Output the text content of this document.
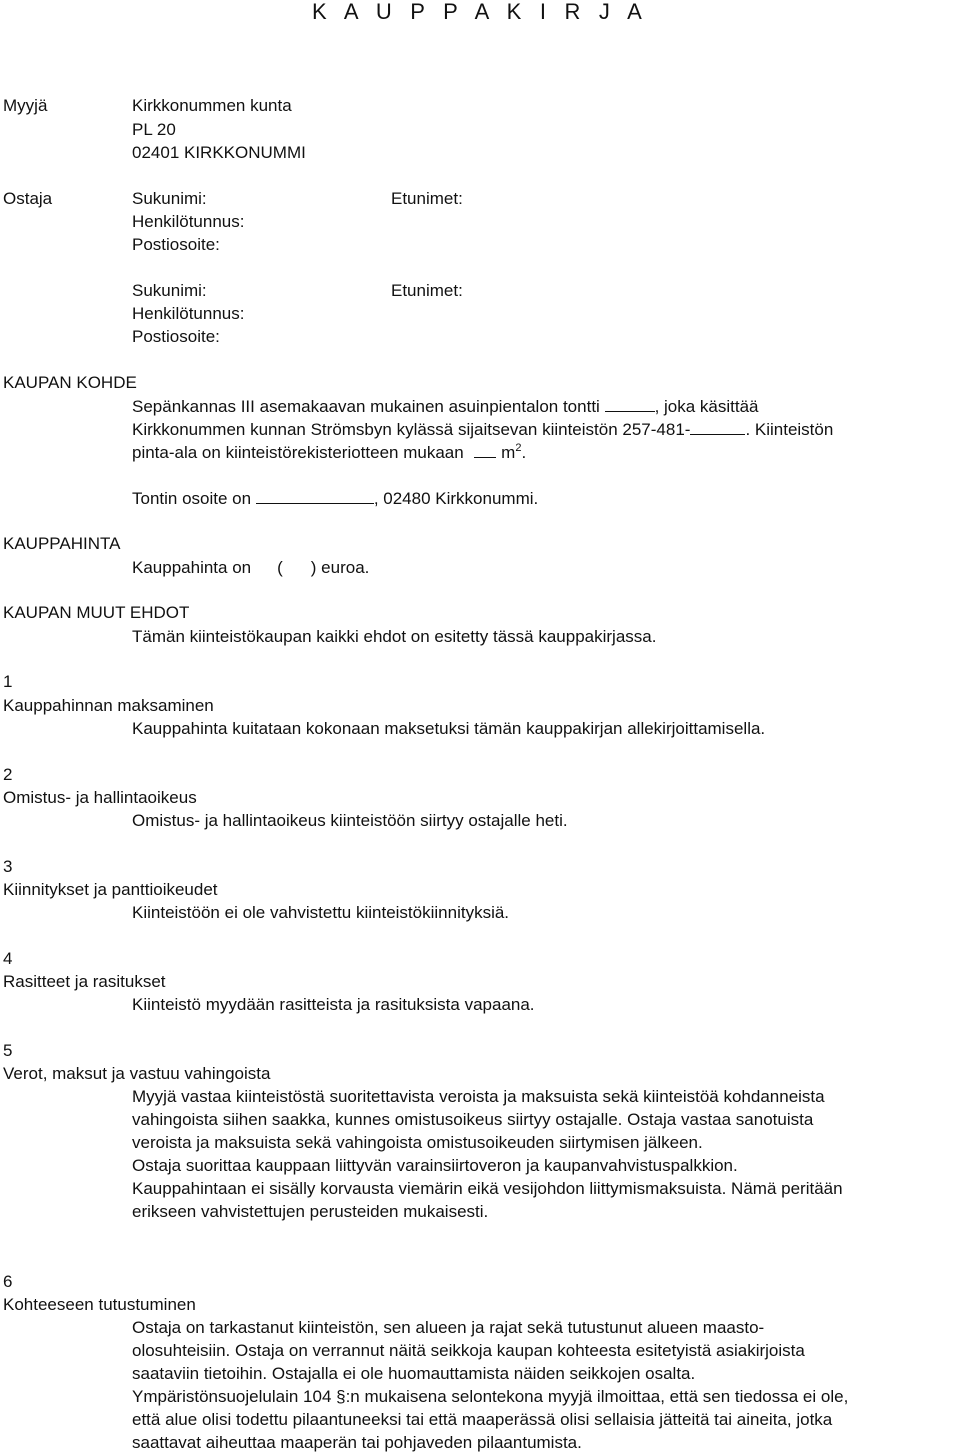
K A U P P A K I R J A
Myyjä	Kirkkonummen kunta
PL 20
02401 KIRKKONUMMI
Ostaja	Sukunimi:	Etunimet:
Henkilötunnus:
Postiosoite:
Sukunimi:	Etunimet:
Henkilötunnus:
Postiosoite:
KAUPAN KOHDE
Sepänkannas III asemakaavan mukainen asuinpientalon tontti	, joka käsittää
Kirkkonummen kunnan Strömsbyn kylässä sijaitsevan kiinteistön 257-481-	. Kiinteistön
pinta-ala on kiinteistörekisteriotteen mukaan $m^2$.
Tontin osoite on	, 02480 Kirkkonummi.
KAUPPAHINTA
Kauppahinta on ( ) euroa.
KAUPAN MUUT EHDOT
Tämän kiinteistökaupan kaikki ehdot on esitetty tässä kauppakirjassa.
1
Kauppahinnan maksaminen
Kauppahinta kuitataan kokonaan maksetuksi tämän kauppakirjan allekirjoittamisella.
2
Omistus- ja hallintaoikeus
Omistus- ja hallintaoikeus kiinteistöön siirtyy ostajalle heti.
3
Kiinnitykset ja panttioikeudet
Kiinteistöön ei ole vahvistettu kiinteistökiinnityksiä.
4
Rasitteet ja rasitukset
Kiinteistö myydään rasitteista ja rasituksista vapaana.
5
Verot, maksut ja vastuu vahingoista
Myyjä vastaa kiinteistöstä suoritettavista veroista ja maksuista sekä kiinteistöä kohdanneista
vahingoista siihen saakka, kunnes omistusoikeus siirtyy ostajalle. Ostaja vastaa sanotuista
veroista ja maksuista sekä vahingoista omistusoikeuden siirtymisen jälkeen.
Ostaja suorittaa kauppaan liittyvän varainsiirtoveron ja kaupanvahvistuspalkkion.
Kauppahintaan ei sisälly korvausta viemärin eikä vesijohdon liittymismaksuista. Nämä peritään
erikseen vahvistettujen perusteiden mukaisesti.
6
Kohteeseen tutustuminen
Ostaja on tarkastanut kiinteistön, sen alueen ja rajat sekä tutustunut alueen maasto-
olosuhteisiin. Ostaja on verrannut näitä seikkoja kaupan kohteesta esitetyistä asiakirjoista
saataviin tietoihin. Ostajalla ei ole huomauttamista näiden seikkojen osalta.
Ympäristönsuojelulain 104 §:n mukaisena selontekona myyjä ilmoittaa, että sen tiedossa ei ole,
että alue olisi todettu pilaantuneeksi tai että maaperässä olisi sellaisia jätteitä tai aineita, jotka
saattavat aiheuttaa maaperän tai pohjaveden pilaantumista.
